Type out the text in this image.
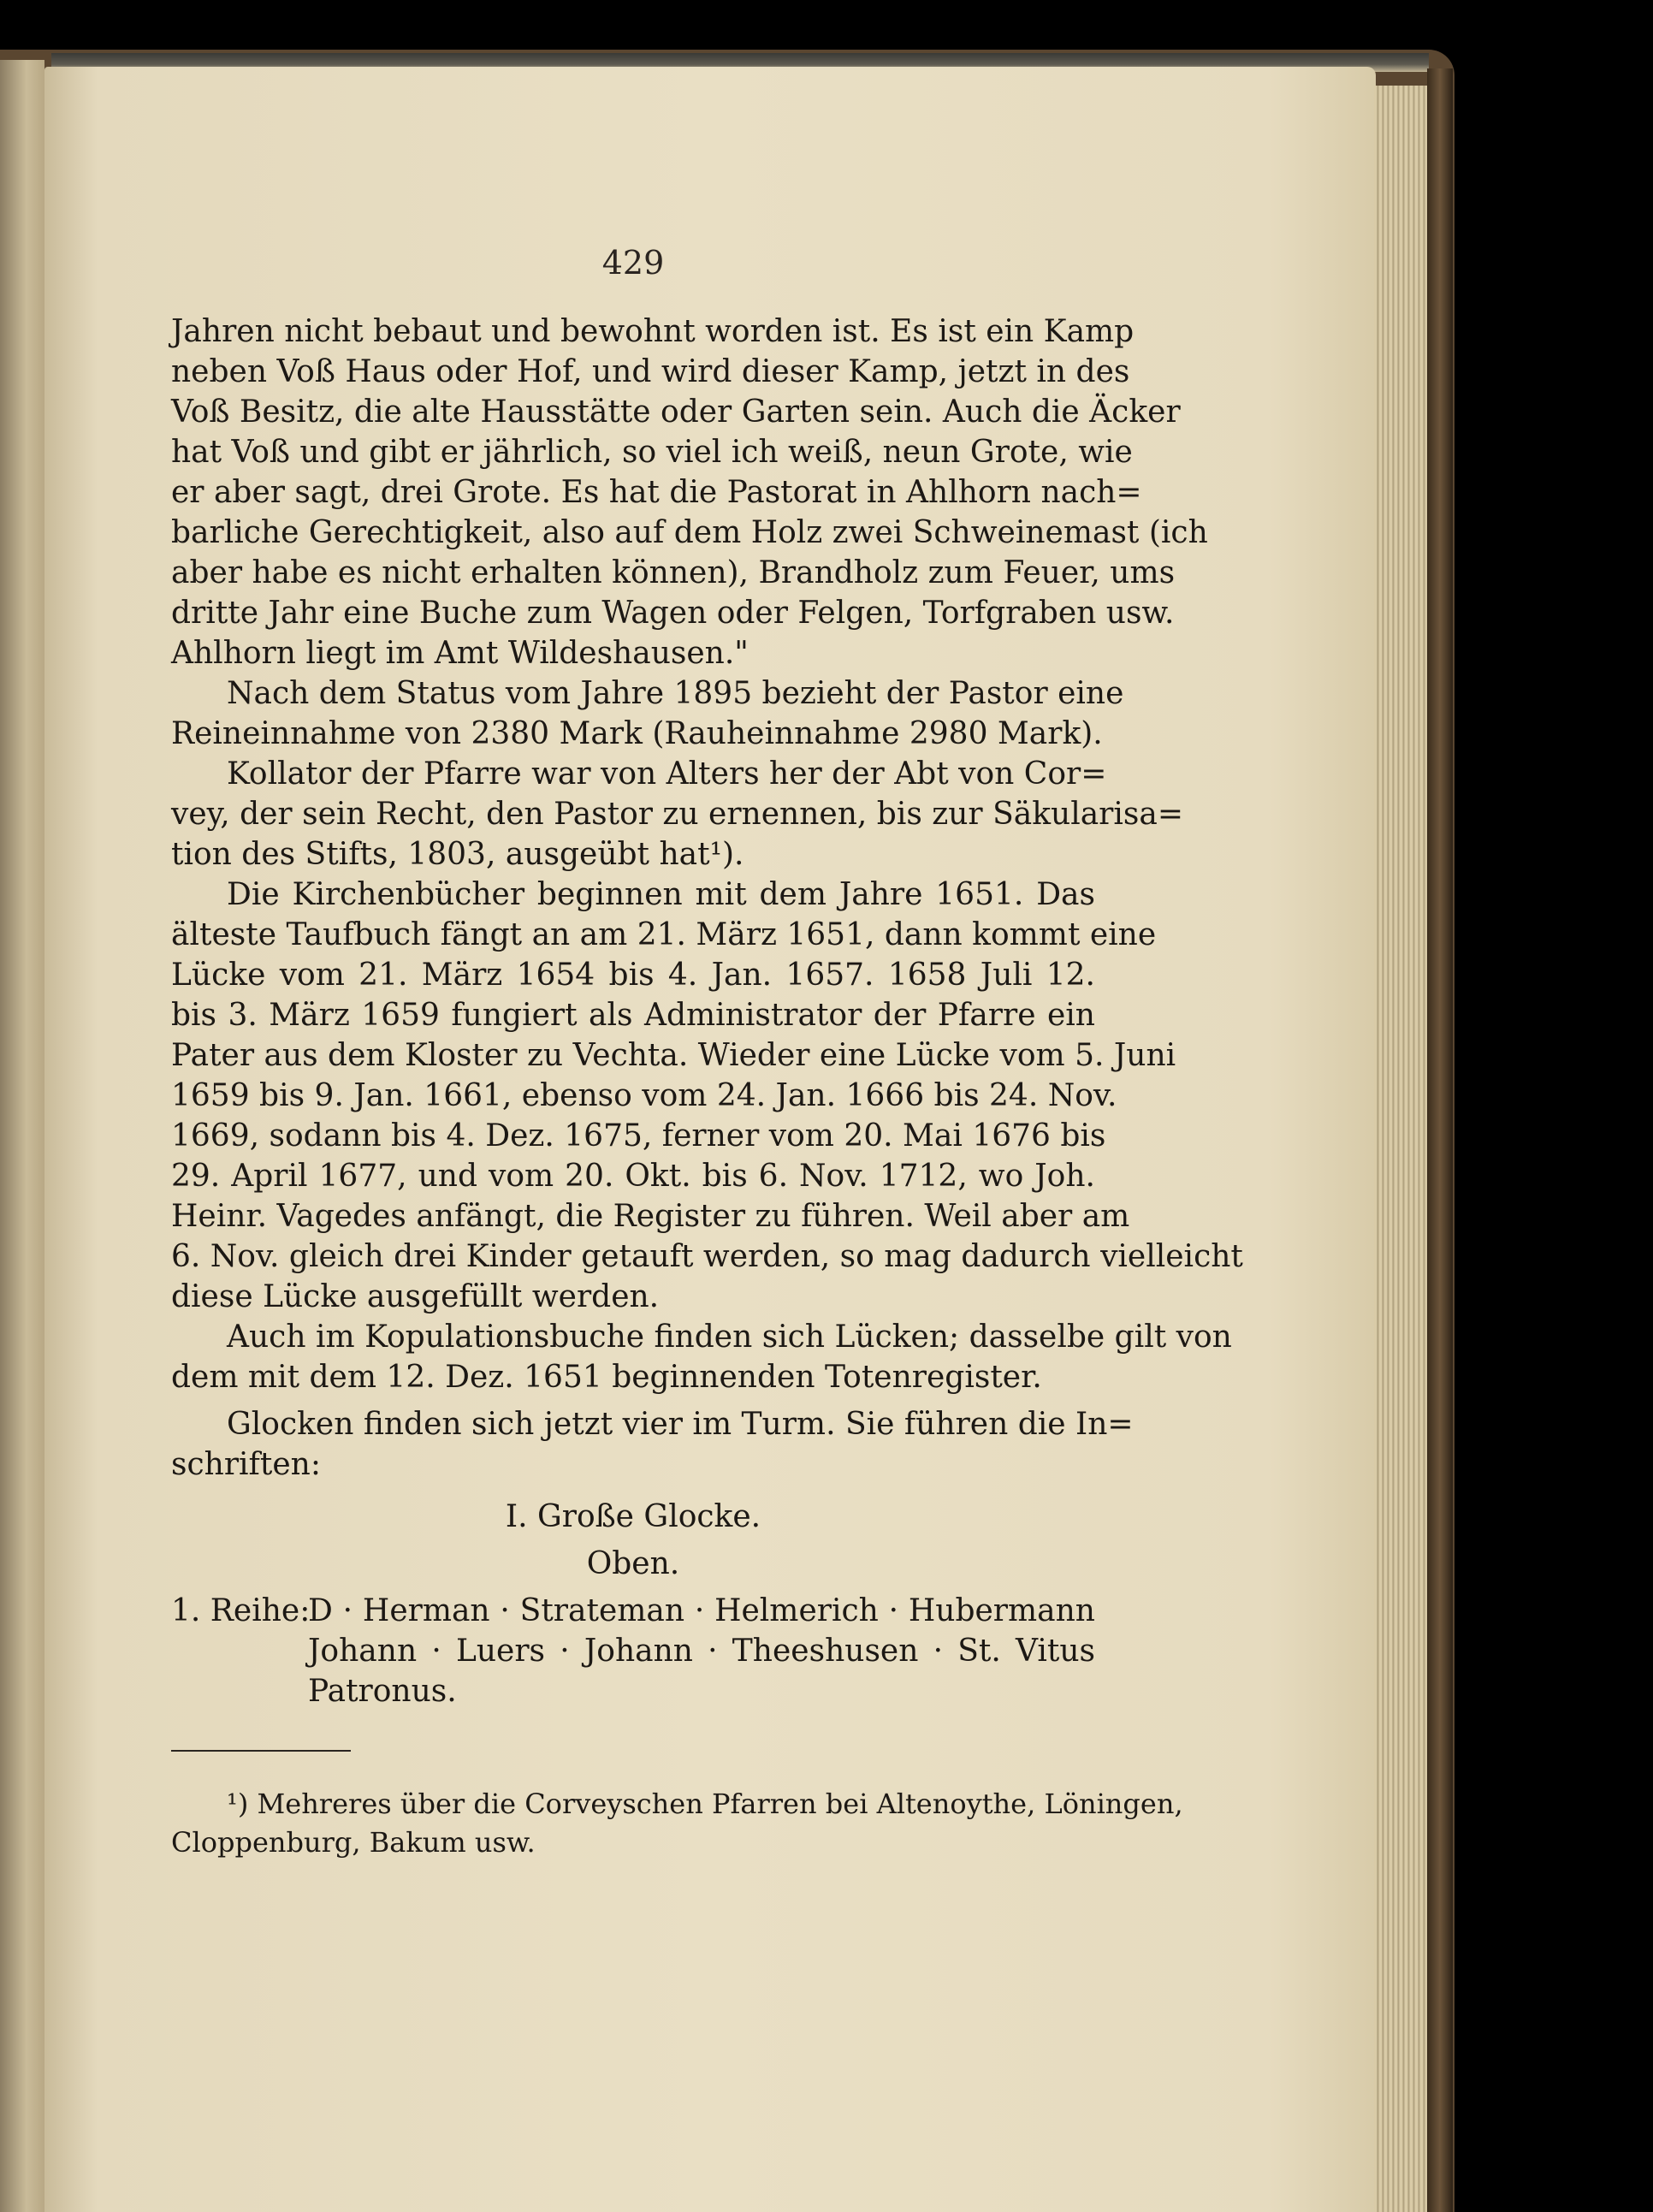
429
Jahren nicht bebaut und bewohnt worden ist. Es ist ein Kamp
neben Voß Haus oder Hof, und wird dieser Kamp, jetzt in des
Voß Besitz, die alte Hausstätte oder Garten sein. Auch die Äcker
hat Voß und gibt er jährlich, so viel ich weiß, neun Grote, wie
er aber sagt, drei Grote. Es hat die Pastorat in Ahlhorn nach=
barliche Gerechtigkeit, also auf dem Holz zwei Schweinemast (ich
aber habe es nicht erhalten können), Brandholz zum Feuer, ums
dritte Jahr eine Buche zum Wagen oder Felgen, Torfgraben usw.
Ahlhorn liegt im Amt Wildeshausen."
Nach dem Status vom Jahre 1895 bezieht der Pastor eine
Reineinnahme von 2380 Mark (Rauheinnahme 2980 Mark).
Kollator der Pfarre war von Alters her der Abt von Cor=
vey, der sein Recht, den Pastor zu ernennen, bis zur Säkularisa=
tion des Stifts, 1803, ausgeübt hat¹).
Die Kirchenbücher beginnen mit dem Jahre 1651. Das
älteste Taufbuch fängt an am 21. März 1651, dann kommt eine
Lücke vom 21. März 1654 bis 4. Jan. 1657. 1658 Juli 12.
bis 3. März 1659 fungiert als Administrator der Pfarre ein
Pater aus dem Kloster zu Vechta. Wieder eine Lücke vom 5. Juni
1659 bis 9. Jan. 1661, ebenso vom 24. Jan. 1666 bis 24. Nov.
1669, sodann bis 4. Dez. 1675, ferner vom 20. Mai 1676 bis
29. April 1677, und vom 20. Okt. bis 6. Nov. 1712, wo Joh.
Heinr. Vagedes anfängt, die Register zu führen. Weil aber am
6. Nov. gleich drei Kinder getauft werden, so mag dadurch vielleicht
diese Lücke ausgefüllt werden.
Auch im Kopulationsbuche finden sich Lücken; dasselbe gilt von
dem mit dem 12. Dez. 1651 beginnenden Totenregister.
Glocken finden sich jetzt vier im Turm. Sie führen die In=
schriften:
I. Große Glocke.
Oben.
1. Reihe:
D · Herman · Strateman · Helmerich · Hubermann
Johann · Luers · Johann · Theeshusen · St. Vitus
Patronus.
¹) Mehreres über die Corveyschen Pfarren bei Altenoythe, Löningen,
Cloppenburg, Bakum usw.
